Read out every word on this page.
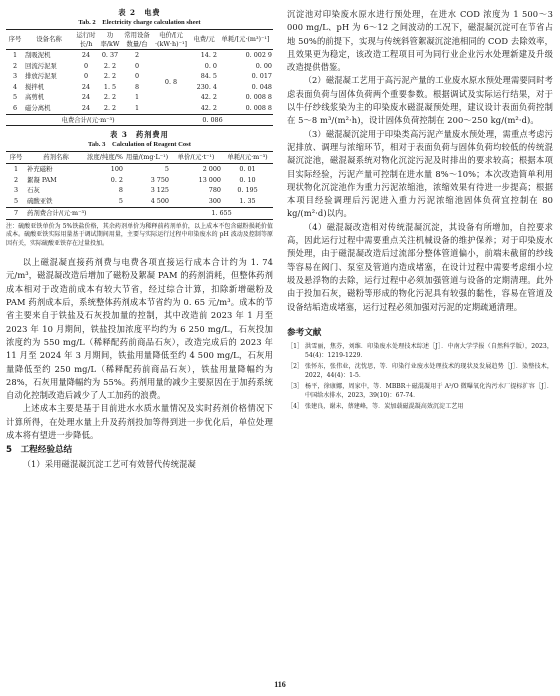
表 2　电费
Tab. 2　Electricity charge calculation sheet
序号	设备名称	运行时长/h	功率/kW	常用设备数量/台	电价/[元·(kW·h)⁻¹]	电费/元	单耗/[元·(m³)⁻¹]
1	刮吸泥机	24	0. 37	2	0. 8	14. 2	0. 002 9
2	回流污泥泵	0	2. 2	0		0. 0	0. 00
3	排放污泥泵	0	2. 2	0		84. 5	0. 017
4	搅拌机	24	1. 5	8		230. 4	0. 048
5	高剪机	24	2. 2	1		42. 2	0. 008 8
6	磁分离机	24	2. 2	1		42. 2	0. 008 8
	电费合计/(元·m⁻³)				0. 086		
表 3　药剂费用
Tab. 3　Calculation of Reagent Cost
序号	药剂名称	浓度/纯度/%	用量/(mg·L⁻¹)	单价/(元·t⁻¹)	单耗/(元·m⁻³)
1	补充磁粉	100	5	2 000	0. 01
2	絮凝 PAM	0. 2	3 750	13 000	0. 10
3	石灰	8	3 125	780	0. 195
5	硫酸亚铁	5	4 500	300	1. 35
7	药剂费合计/(元·m⁻³)			1. 655	

注：硫酸亚铁单价为 5%铁盐价格，其余药剂单价为稀释前药剂单价，以上成本不包含磁粉损耗价值成本。硫酸亚铁实际用量基于调试期间用量，主要与实际运行过程中印染废水的 pH 波动及控制等原因有关，实际硫酸亚铁存在过量投加。

以上磁混凝直接药剂费与电费各项直接运行成本合计约为 1. 74 元/m³，磁混凝改造后增加了磁粉及絮凝 PAM 的药剂消耗，但整体药剂成本相对于改造前成本有较大节省，经过综合计算，扣除新增磁粉及 PAM 药剂成本后，系统整体药剂成本节省约为 0. 65 元/m³。成本的节省主要来自于铁盐及石灰投加量的控制，其中改造前 2023 年 1 月至 2023 年 10 月期间，铁盐投加浓度平均约为 6 250 mg/L，石灰投加浓度约为 550 mg/L（稀释配药前商品石灰），改造完成后的 2023 年 11 月至 2024 年 3 月期间，铁盐用量降低至约 4 500 mg/L，石灰用量降低至约 250 mg/L（稀释配药前商品石灰），铁盐用量降幅约为 28%，石灰用量降幅约为 55%。药剂用量的减少主要原因在于加药系统自动化控制改造后减少了人工加药的浪费。

上述成本主要是基于目前进水水质水量情况及实时药剂价格情况下计算所得，在处理水量上升及药剂投加等得到进一步优化后，单位处理成本将有望进一步降低。

5　工程经验总结

（1）采用磁混凝沉淀工艺可有效替代传统混凝

沉淀池对印染废水原水进行预处理，在进水 COD 浓度为 1 500～3 000 mg/L、pH 为 6～12 之间波动的工况下，磁混凝沉淀可在节省占地 50%的前提下，实现与传统斜管絮凝沉淀池相同的 COD 去除效率，且效果更为稳定，该改造工程项目可为同行业企业污水处理新建及升级改造提供借鉴。

（2）磁混凝工艺用于高污泥产量的工业废水原水预处理需要同时考虑表面负荷与固体负荷两个重要参数。根据调试及实际运行结果，对于以牛仔纱线浆染为主的印染废水磁混凝预处理，建议设计表面负荷控制在 5～8 m³/(m²·h)，设计固体负荷控制在 200～250 kg/(m²·d)。

（3）磁混凝沉淀用于印染类高污泥产量废水预处理，需重点考虑污泥排放、调理与浓缩环节，相对于表面负荷与固体负荷均较低的传统混凝沉淀池，磁混凝系统对物化沉淀污泥及时排出的要求较高；根据本项目实际经验，污泥产量可控制在进水量 8%～10%；本次改造简单利用现状物化沉淀池作为重力污泥浓缩池，浓缩效果有待进一步提高；根据本项目经验调理后污泥进入重力污泥浓缩池固体负荷宜控制在 80 kg/(m²·d)以内。

（4）磁混凝改造相对传统混凝沉淀，其设备有所增加，自控要求高，因此运行过程中需要重点关注机械设备的维护保养；对于印染废水预处理，由于磁混凝改造后过流部分整体管道偏小，前端未截留的纱线等容易在阀门、泵室及管道内造成堵塞，在设计过程中需要考虑细小垃圾及悬浮物的去除，运行过程中必须加强管道与设备的定期清理。此外由于投加石灰，磁粉等形成的物化污泥具有较强的黏性，容易在管道及设备结垢造成堵塞，运行过程必须加强对污泥的定期疏通清理。

参考文献
［1］ 洪雪丽，焦芬，刘维．印染废水处理技术综述［J］．中南大学学报（自然科学版），2023，54(4)：1219-1229．
［2］ 张怀东，张伟业，沈忱思，等．印染行业废水处理技术的现状及发展趋势［J］．染整技术，2022，44(4)：1-5．
［3］ 杨平，徐康娜，周家中，等．MBBR＋磁混凝用于 A²/O 微曝氧化沟污水厂提标扩容［J］．中国给水排水，2023，39(10)：67-74．
［4］ 张建良，谢未，蔡建峰，等．炭加载磁混凝高效沉淀工艺用
116
